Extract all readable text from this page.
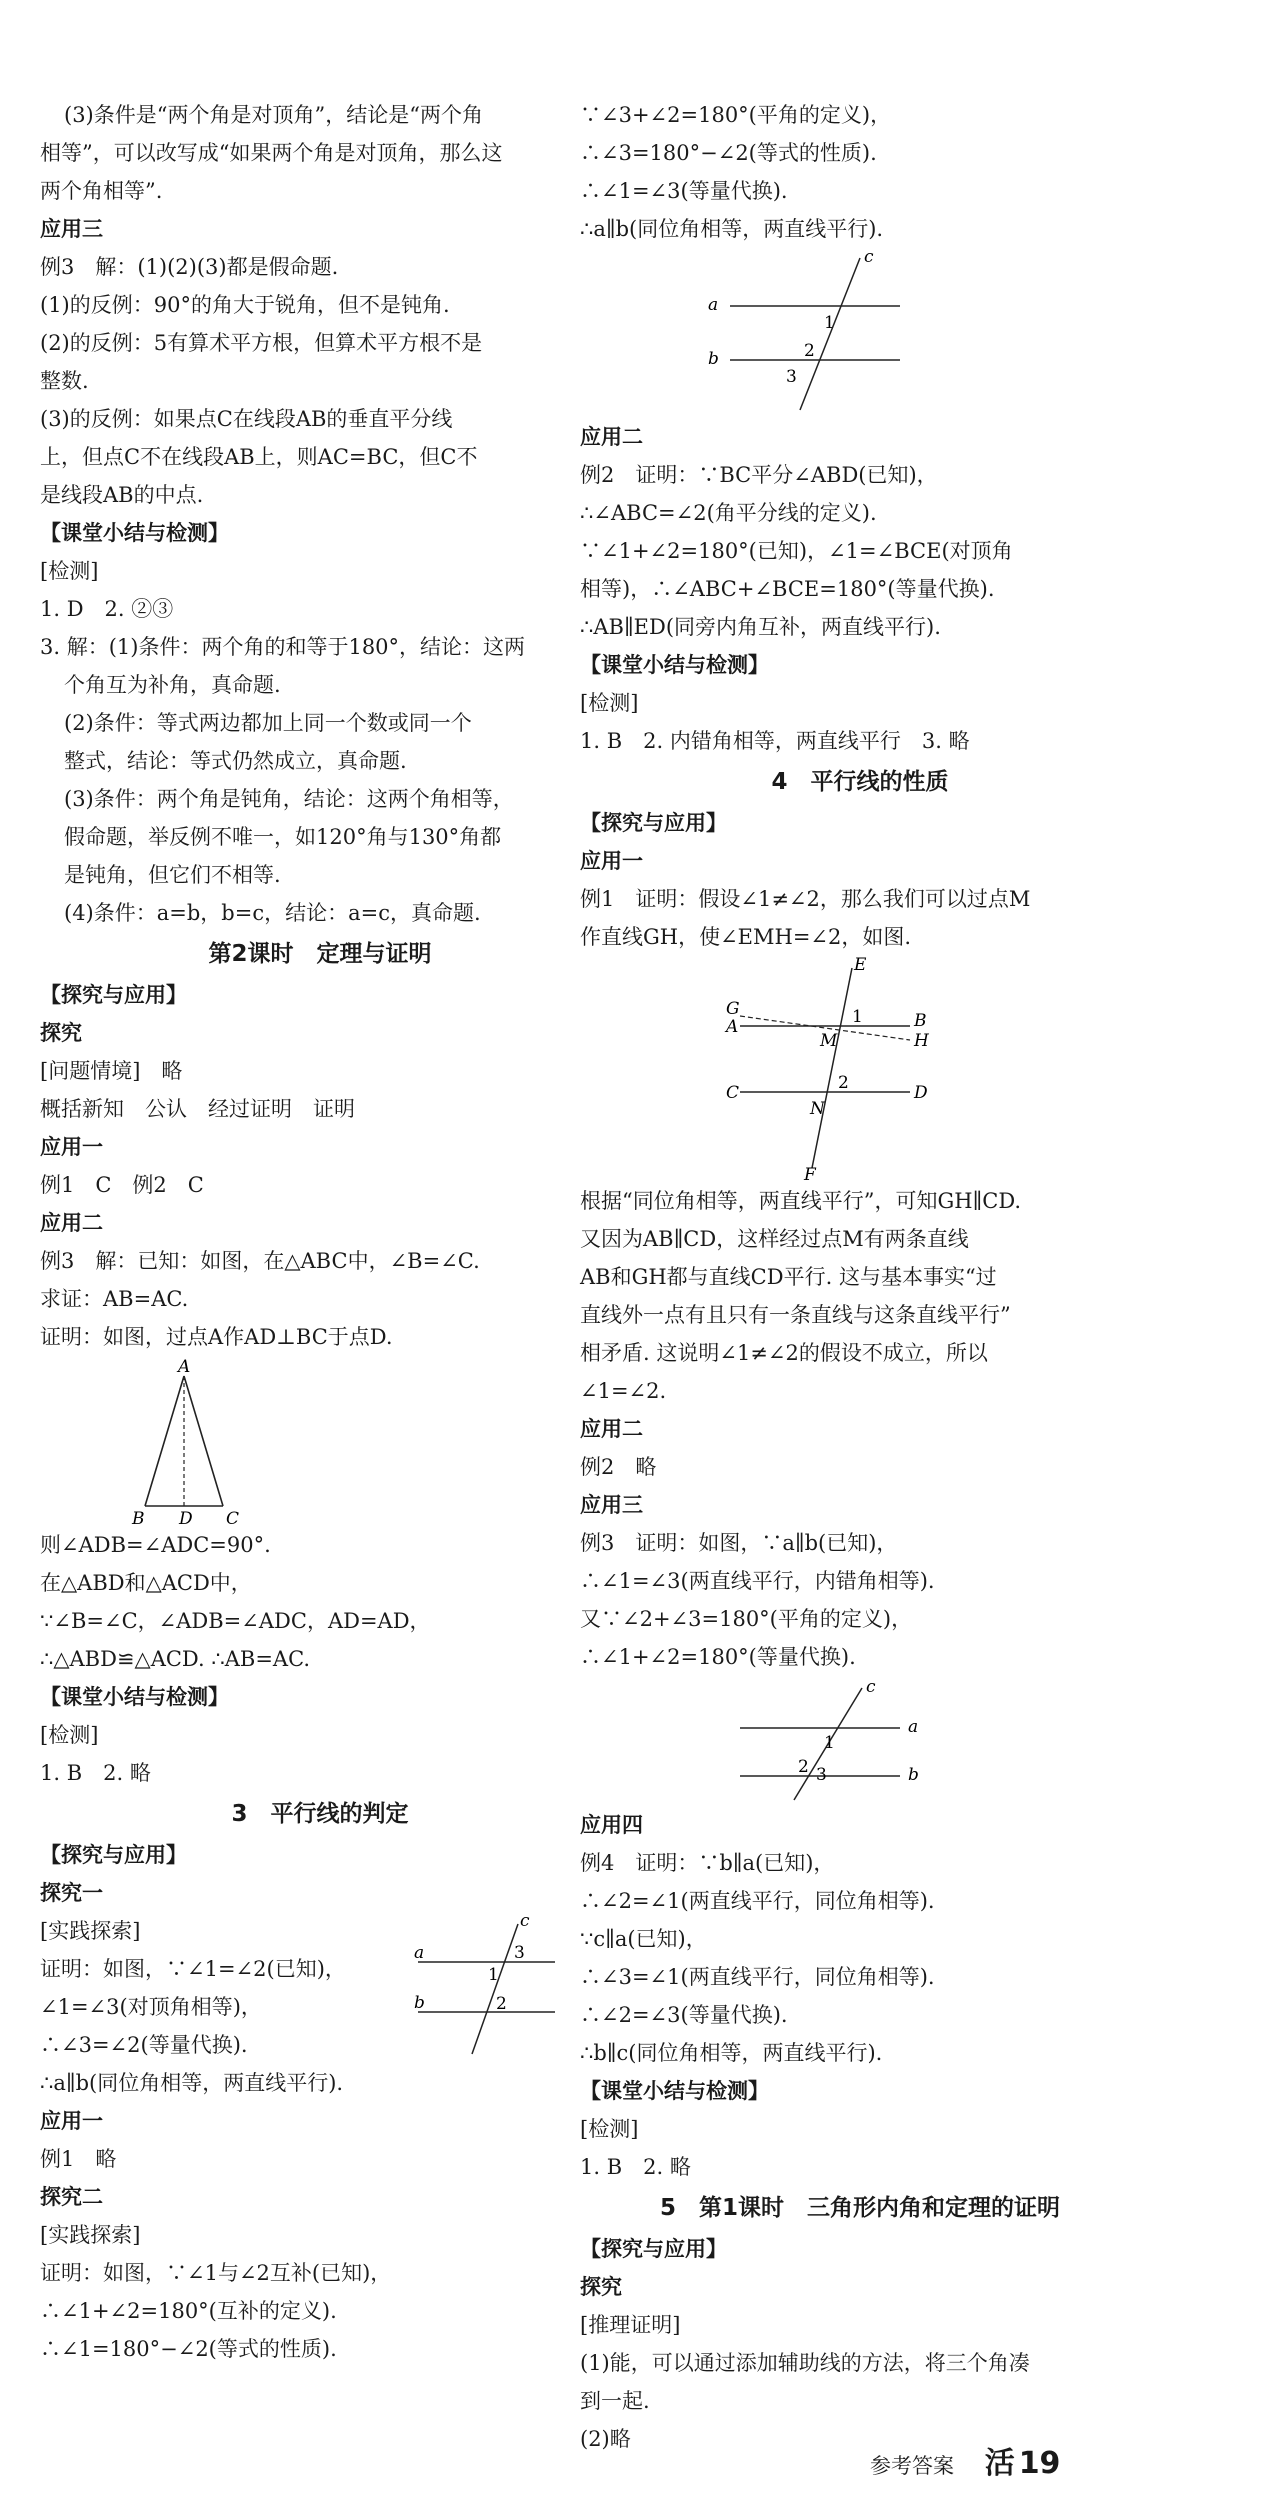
(3)条件是“两个角是对顶角”，结论是“两个角
相等”，可以改写成“如果两个角是对顶角，那么这
两个角相等”.
应用三
例3　解：(1)(2)(3)都是假命题.
(1)的反例：90°的角大于锐角，但不是钝角.
(2)的反例：5有算术平方根，但算术平方根不是
整数.
(3)的反例：如果点C在线段AB的垂直平分线
上，但点C不在线段AB上，则AC=BC，但C不
是线段AB的中点.
【课堂小结与检测】
[检测]
1. D　2. ②③
3. 解：(1)条件：两个角的和等于180°，结论：这两
个角互为补角，真命题.
(2)条件：等式两边都加上同一个数或同一个
整式，结论：等式仍然成立，真命题.
(3)条件：两个角是钝角，结论：这两个角相等，
假命题，举反例不唯一，如120°角与130°角都
是钝角，但它们不相等.
(4)条件：a=b，b=c，结论：a=c，真命题.
第2课时　定理与证明
【探究与应用】
探究
[问题情境]　略
概括新知　公认　经过证明　证明
应用一
例1　C　例2　C
应用二
例3　解：已知：如图，在△ABC中，∠B=∠C.
求证：AB=AC.
证明：如图，过点A作AD⊥BC于点D.
A
B D C
则∠ADB=∠ADC=90°.
在△ABD和△ACD中，
∵∠B=∠C，∠ADB=∠ADC，AD=AD，
∴△ABD≌△ACD. ∴AB=AC.
【课堂小结与检测】
[检测]
1. B　2. 略
3　平行线的判定
【探究与应用】
探究一
[实践探索]
证明：如图，∵∠1=∠2(已知)，
∠1=∠3(对顶角相等)，
∴∠3=∠2(等量代换).
∴a∥b(同位角相等，两直线平行).
应用一
例1　略
探究二
[实践探索]
证明：如图，∵∠1与∠2互补(已知)，
∴∠1+∠2=180°(互补的定义).
∴∠1=180°−∠2(等式的性质).
a
b
c
3
1
2
∵∠3+∠2=180°(平角的定义)，
∴∠3=180°−∠2(等式的性质).
∴∠1=∠3(等量代换).
∴a∥b(同位角相等，两直线平行).
a
b
c
1
2
3
应用二
例2　证明：∵BC平分∠ABD(已知)，
∴∠ABC=∠2(角平分线的定义).
∵∠1+∠2=180°(已知)，∠1=∠BCE(对顶角
相等)，∴∠ABC+∠BCE=180°(等量代换).
∴AB∥ED(同旁内角互补，两直线平行).
【课堂小结与检测】
[检测]
1. B　2. 内错角相等，两直线平行　3. 略
4　平行线的性质
【探究与应用】
应用一
例1　证明：假设∠1≠∠2，那么我们可以过点M
作直线GH，使∠EMH=∠2，如图.
E
G
A	B
H
M
1
C	D
N
2
F
根据“同位角相等，两直线平行”，可知GH∥CD.
又因为AB∥CD，这样经过点M有两条直线
AB和GH都与直线CD平行. 这与基本事实“过
直线外一点有且只有一条直线与这条直线平行”
相矛盾. 这说明∠1≠∠2的假设不成立，所以
∠1=∠2.
应用二
例2　略
应用三
例3　证明：如图，∵a∥b(已知)，
∴∠1=∠3(两直线平行，内错角相等).
又∵∠2+∠3=180°(平角的定义)，
∴∠1+∠2=180°(等量代换).
c
a
b
1
2 3
应用四
例4　证明：∵b∥a(已知)，
∴∠2=∠1(两直线平行，同位角相等).
∵c∥a(已知)，
∴∠3=∠1(两直线平行，同位角相等).
∴∠2=∠3(等量代换).
∴b∥c(同位角相等，两直线平行).
【课堂小结与检测】
[检测]
1. B　2. 略
5　第1课时　三角形内角和定理的证明
【探究与应用】
探究
[推理证明]
(1)能，可以通过添加辅助线的方法，将三个角凑
到一起.
(2)略
参考答案 活 19
